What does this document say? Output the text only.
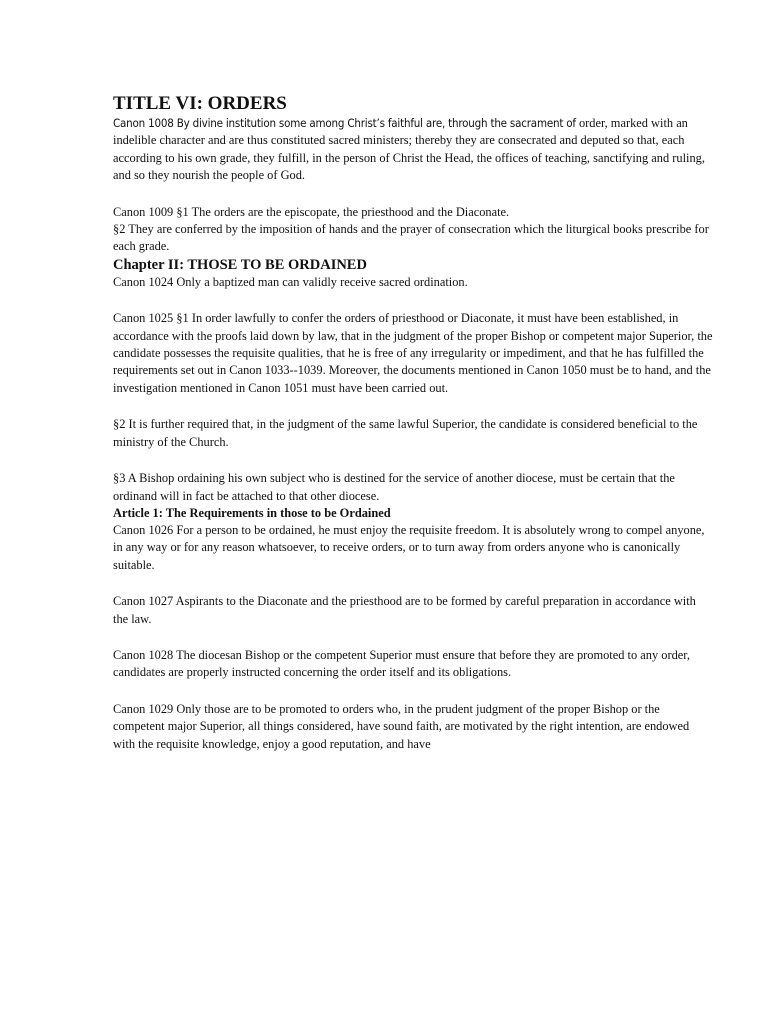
TITLE VI: ORDERS

Canon 1008 By divine institution some among Christ’s faithful are, through the sacrament of order, marked with an indelible character and are thus constituted sacred ministers; thereby they are consecrated and deputed so that, each according to his own grade, they fulfill, in the person of Christ the Head, the offices of teaching, sanctifying and ruling, and so they nourish the people of God.

Canon 1009 §1 The orders are the episcopate, the priesthood and the Diaconate.

§2 They are conferred by the imposition of hands and the prayer of consecration which the liturgical books prescribe for each grade.

Chapter II: THOSE TO BE ORDAINED

Canon 1024 Only a baptized man can validly receive sacred ordination.

Canon 1025 §1 In order lawfully to confer the orders of priesthood or Diaconate, it must have been established, in accordance with the proofs laid down by law, that in the judgment of the proper Bishop or competent major Superior, the candidate possesses the requisite qualities, that he is free of any irregularity or impediment, and that he has fulfilled the requirements set out in Canon 1033--1039. Moreover, the documents mentioned in Canon 1050 must be to hand, and the investigation mentioned in Canon 1051 must have been carried out.

§2 It is further required that, in the judgment of the same lawful Superior, the candidate is considered beneficial to the ministry of the Church.

§3 A Bishop ordaining his own subject who is destined for the service of another diocese, must be certain that the ordinand will in fact be attached to that other diocese.

Article 1: The Requirements in those to be Ordained

Canon 1026 For a person to be ordained, he must enjoy the requisite freedom. It is absolutely wrong to compel anyone, in any way or for any reason whatsoever, to receive orders, or to turn away from orders anyone who is canonically suitable.

Canon 1027 Aspirants to the Diaconate and the priesthood are to be formed by careful preparation in accordance with the law.

Canon 1028 The diocesan Bishop or the competent Superior must ensure that before they are promoted to any order, candidates are properly instructed concerning the order itself and its obligations.

Canon 1029 Only those are to be promoted to orders who, in the prudent judgment of the proper Bishop or the competent major Superior, all things considered, have sound faith, are motivated by the right intention, are endowed with the requisite knowledge, enjoy a good reputation, and have
